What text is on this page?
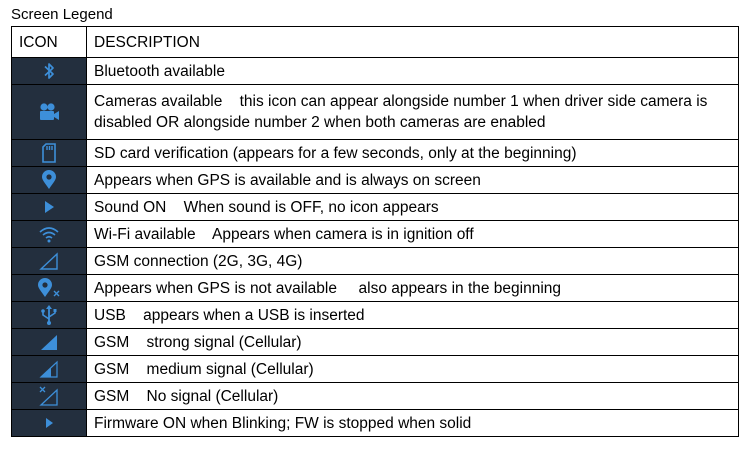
Screen Legend
ICON	DESCRIPTION

	Bluetooth available

	Cameras available    this icon can appear alongside number 1 when driver side camera is disabled OR alongside number 2 when both cameras are enabled

	SD card verification (appears for a few seconds, only at the beginning)

	Appears when GPS is available and is always on screen

	Sound ON    When sound is OFF, no icon appears

	Wi-Fi available    Appears when camera is in ignition off

	GSM connection (2G, 3G, 4G)

	Appears when GPS is not available     also appears in the beginning

	USB    appears when a USB is inserted

	GSM    strong signal (Cellular)

	GSM    medium signal (Cellular)

	GSM    No signal (Cellular)

	Firmware ON when Blinking; FW is stopped when solid
